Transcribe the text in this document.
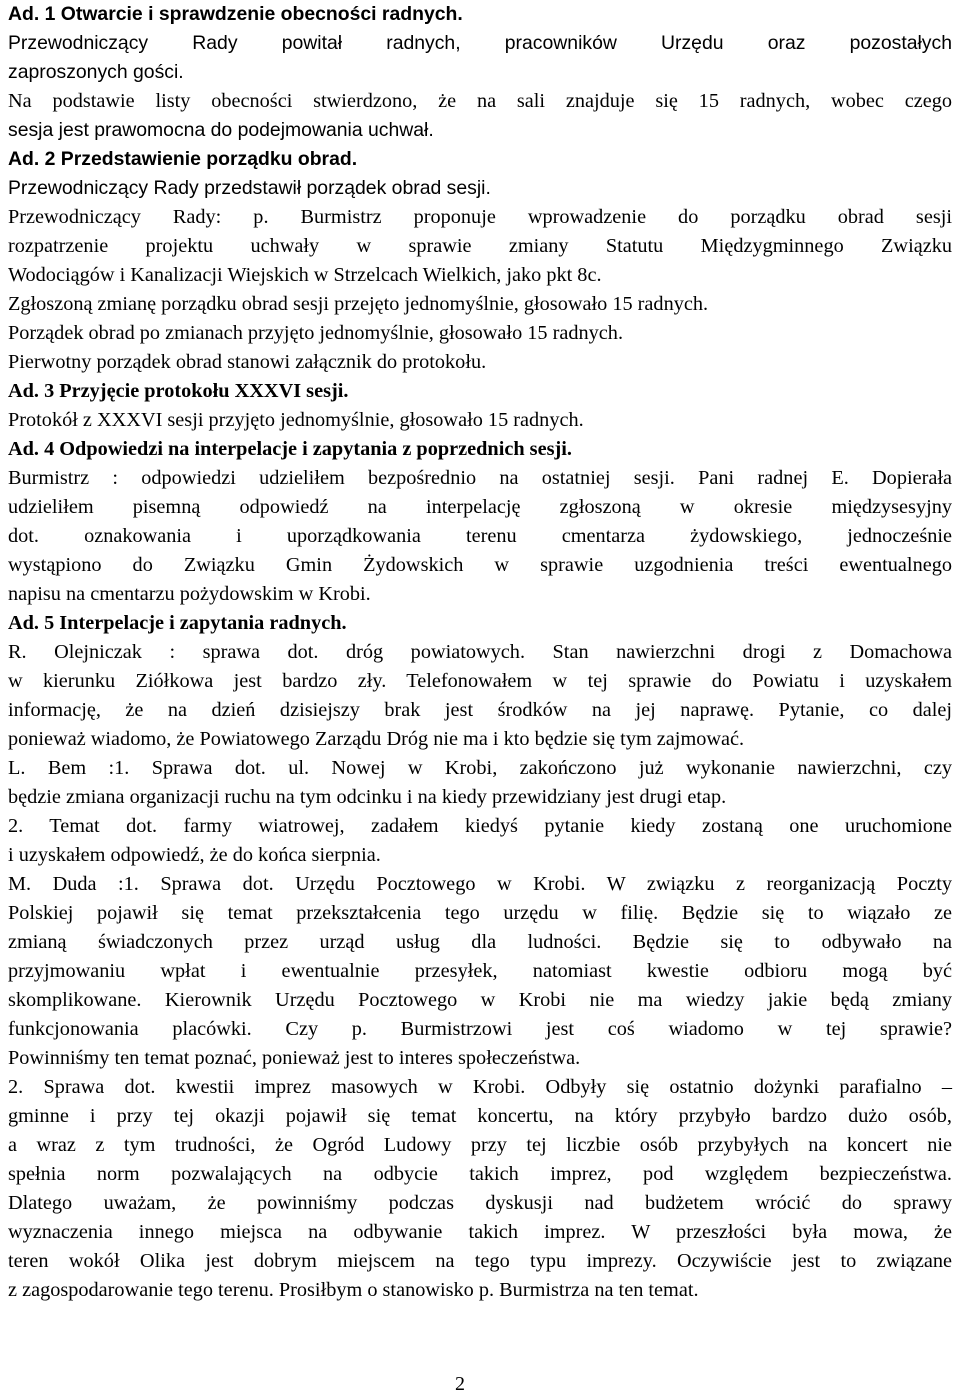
Ad. 1 Otwarcie i sprawdzenie obecności radnych.
Przewodniczący Rady powitał radnych, pracowników Urzędu oraz pozostałych
zaproszonych gości.
Na podstawie listy obecności stwierdzono, że na sali znajduje się 15 radnych, wobec czego
sesja jest prawomocna do podejmowania uchwał.
Ad. 2 Przedstawienie porządku obrad.
Przewodniczący Rady przedstawił porządek obrad sesji.
Przewodniczący Rady: p. Burmistrz proponuje wprowadzenie do porządku obrad sesji
rozpatrzenie projektu uchwały w sprawie zmiany Statutu Międzygminnego Związku
Wodociągów i Kanalizacji Wiejskich w Strzelcach Wielkich, jako pkt 8c.
Zgłoszoną zmianę porządku obrad sesji przejęto jednomyślnie, głosowało 15 radnych.
Porządek obrad po zmianach przyjęto jednomyślnie, głosowało 15 radnych.
Pierwotny porządek obrad stanowi załącznik do protokołu.
Ad. 3 Przyjęcie protokołu XXXVI sesji.
Protokół z XXXVI sesji przyjęto jednomyślnie, głosowało 15 radnych.
Ad. 4 Odpowiedzi na interpelacje i zapytania z poprzednich sesji.
Burmistrz : odpowiedzi udzieliłem bezpośrednio na ostatniej sesji. Pani radnej E. Dopierała
udzieliłem pisemną odpowiedź na interpelację zgłoszoną w okresie międzysesyjny
dot. oznakowania i uporządkowania terenu cmentarza żydowskiego, jednocześnie
wystąpiono do Związku Gmin Żydowskich w sprawie uzgodnienia treści ewentualnego
napisu na cmentarzu pożydowskim w Krobi.
Ad. 5 Interpelacje i zapytania radnych.
R. Olejniczak : sprawa dot. dróg powiatowych. Stan nawierzchni drogi z Domachowa
w kierunku Ziółkowa jest bardzo zły. Telefonowałem w tej sprawie do Powiatu i uzyskałem
informację, że na dzień dzisiejszy brak jest środków na jej naprawę. Pytanie, co dalej
ponieważ wiadomo, że Powiatowego Zarządu Dróg nie ma i kto będzie się tym zajmować.
L. Bem :1. Sprawa dot. ul. Nowej w Krobi, zakończono już wykonanie nawierzchni, czy
będzie zmiana organizacji ruchu na tym odcinku i na kiedy przewidziany jest drugi etap.
2. Temat dot. farmy wiatrowej, zadałem kiedyś pytanie kiedy zostaną one uruchomione
i uzyskałem odpowiedź, że do końca sierpnia.
M. Duda :1. Sprawa dot. Urzędu Pocztowego w Krobi. W związku z reorganizacją Poczty
Polskiej pojawił się temat przekształcenia tego urzędu w filię. Będzie się to wiązało ze
zmianą świadczonych przez urząd usług dla ludności. Będzie się to odbywało na
przyjmowaniu wpłat i ewentualnie przesyłek, natomiast kwestie odbioru mogą być
skomplikowane. Kierownik Urzędu Pocztowego w Krobi nie ma wiedzy jakie będą zmiany
funkcjonowania placówki. Czy p. Burmistrzowi jest coś wiadomo w tej sprawie?
Powinniśmy ten temat poznać, ponieważ jest to interes społeczeństwa.
2. Sprawa dot. kwestii imprez masowych w Krobi. Odbyły się ostatnio dożynki parafialno –
gminne i przy tej okazji pojawił się temat koncertu, na który przybyło bardzo dużo osób,
a wraz z tym trudności, że Ogród Ludowy przy tej liczbie osób przybyłych na koncert nie
spełnia norm pozwalających na odbycie takich imprez, pod względem bezpieczeństwa.
Dlatego uważam, że powinniśmy podczas dyskusji nad budżetem wrócić do sprawy
wyznaczenia innego miejsca na odbywanie takich imprez. W przeszłości była mowa, że
teren wokół Olika jest dobrym miejscem na tego typu imprezy. Oczywiście jest to związane
z zagospodarowanie tego terenu. Prosiłbym o stanowisko p. Burmistrza na ten temat.
2
